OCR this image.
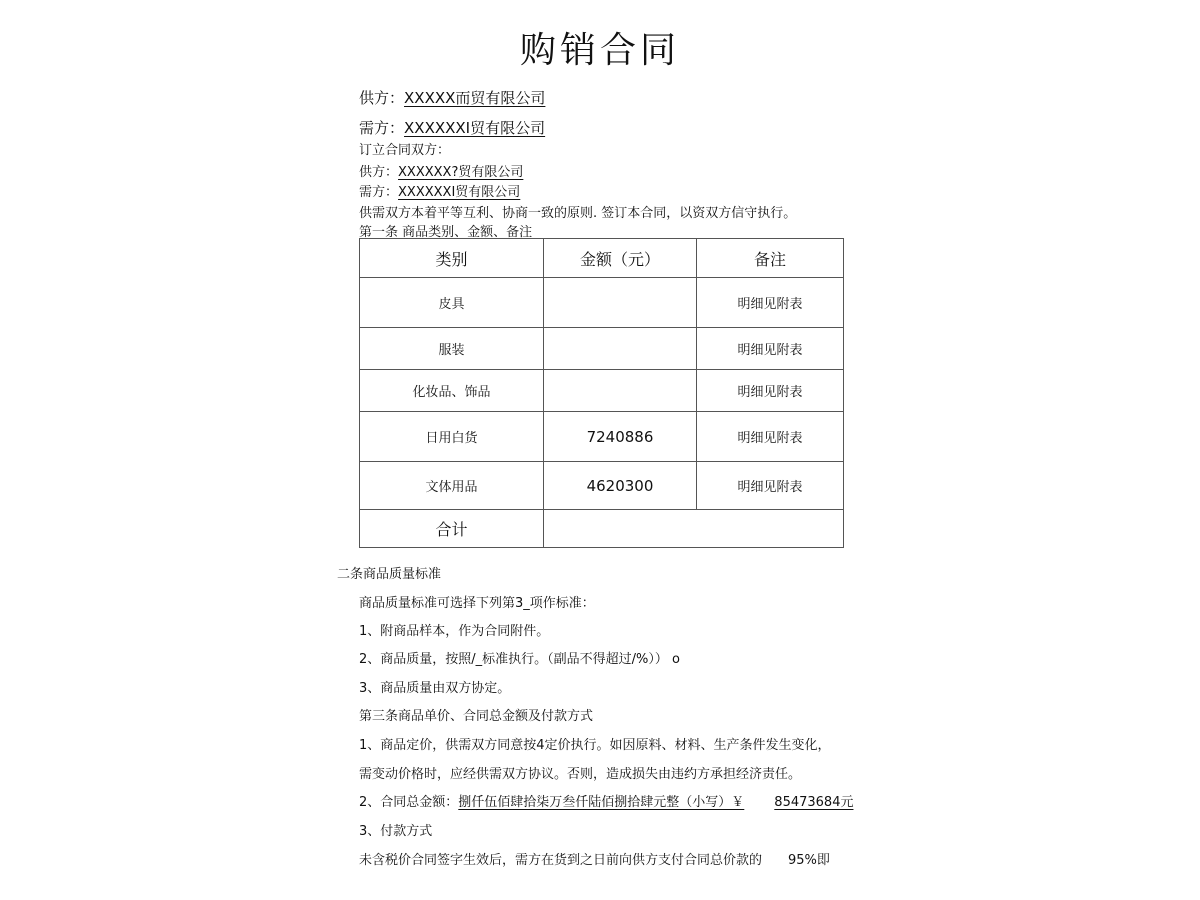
购销合同
供方：XXXXX而贸有限公司
需方：XXXXXXI贸有限公司
订立合同双方：
供方：XXXXXX?贸有限公司
需方：XXXXXXI贸有限公司
供需双方本着平等互利、协商一致的原则. 签订本合同，以资双方信守执行。
第一条 商品类别、金额、备注
类别	金额（元）	备注
皮具		明细见附表
服装		明细见附表
化妆品、饰品		明细见附表
日用白货	7240886	明细见附表
文体用品	4620300	明细见附表
合计		
二条商品质量标准
商品质量标准可选择下列第3_项作标准：
1、附商品样本，作为合同附件。
2、商品质量，按照/_标准执行。（副品不得超过/%）） o
3、商品质量由双方协定。
第三条商品单价、合同总金额及付款方式
1、商品定价，供需双方同意按4定价执行。如因原料、材料、生产条件发生变化，
需变动价格时，应经供需双方协议。否则，造成损失由违约方承担经济责任。
2、合同总金额：捌仟伍佰肆拾柒万叁仟陆佰捌拾肆元整（小写）￥ 85473684元
3、付款方式
未含税价合同签字生效后，需方在货到之日前向供方支付合同总价款的 95%即
